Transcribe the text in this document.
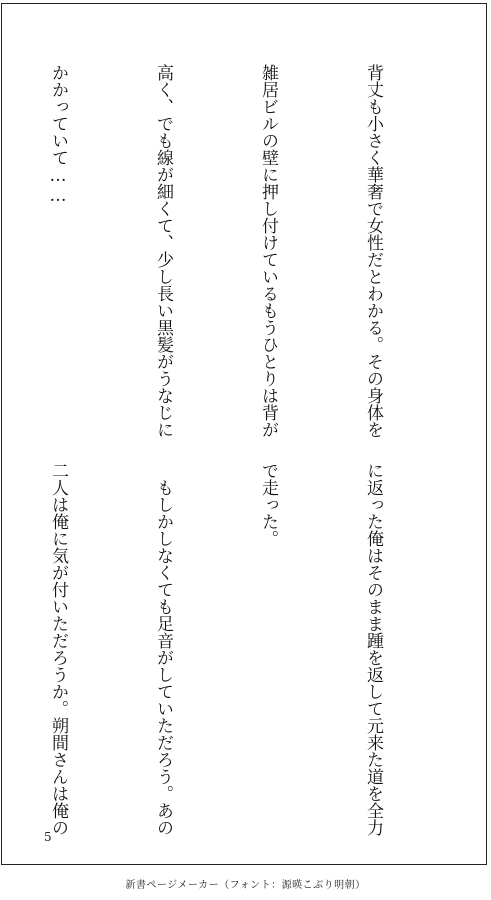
背丈も小さく華奢で女性だとわかる。その身体を

雑居ビルの壁に押し付けているもうひとりは背が

高く、でも線が細くて、少し長い黒髪がうなじに

かかっていて……

に返った俺はそのまま踵を返して元来た道を全力

で走った。

　もしかしなくても足音がしていただろう。あの

二人は俺に気が付いただろうか。朔間さんは俺の

5
新書ページメーカー（フォント：源暎こぶり明朝）
